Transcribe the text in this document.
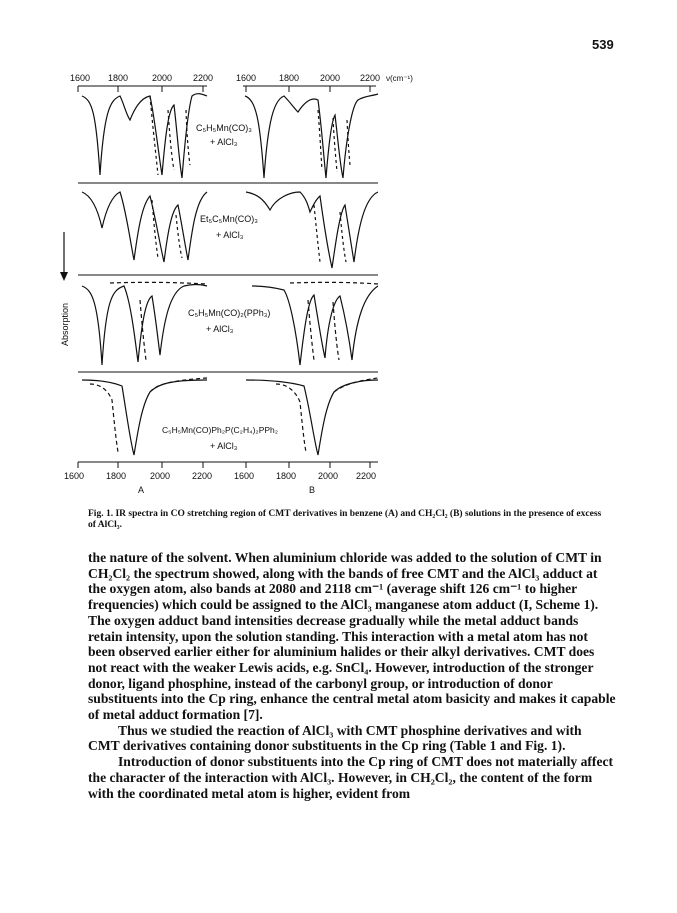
539
1600 1800	2000 2200	1600	1800 2000 2200 ν(cm⁻¹)
1600 1800	2000 2200 1600 1800 2000 2200
A	B
Absorption
C₅H₅Mn(CO)₃
+ AlCl₃
Et₅C₅Mn(CO)₃
+ AlCl₃
C₅H₅Mn(CO)₂(PPh₃)
+ AlCl₃
C₅H₅Mn(CO)Ph₂P(C₂H₄)₂PPh₂
+ AlCl₃
Fig. 1. IR spectra in CO stretching region of CMT derivatives in benzene (A) and CH₂Cl₂ (B) solutions in the presence of excess of AlCl₃.

the nature of the solvent. When aluminium chloride was added to the solution of CMT in CH₂Cl₂ the spectrum showed, along with the bands of free CMT and the AlCl₃ adduct at the oxygen atom, also bands at 2080 and 2118 cm⁻¹ (average shift 126 cm⁻¹ to higher frequencies) which could be assigned to the AlCl₃ manganese atom adduct (I, Scheme 1). The oxygen adduct band intensities decrease gradually while the metal adduct bands retain intensity, upon the solution standing. This interaction with a metal atom has not been observed earlier either for aluminium halides or their alkyl derivatives. CMT does not react with the weaker Lewis acids, e.g. SnCl₄. However, introduction of the stronger donor, ligand phosphine, instead of the carbonyl group, or introduction of donor substituents into the Cp ring, enhance the central metal atom basicity and makes it capable of metal adduct formation [7].

Thus we studied the reaction of AlCl₃ with CMT phosphine derivatives and with CMT derivatives containing donor substituents in the Cp ring (Table 1 and Fig. 1).

Introduction of donor substituents into the Cp ring of CMT does not materially affect the character of the interaction with AlCl₃. However, in CH₂Cl₂, the content of the form with the coordinated metal atom is higher, evident from
